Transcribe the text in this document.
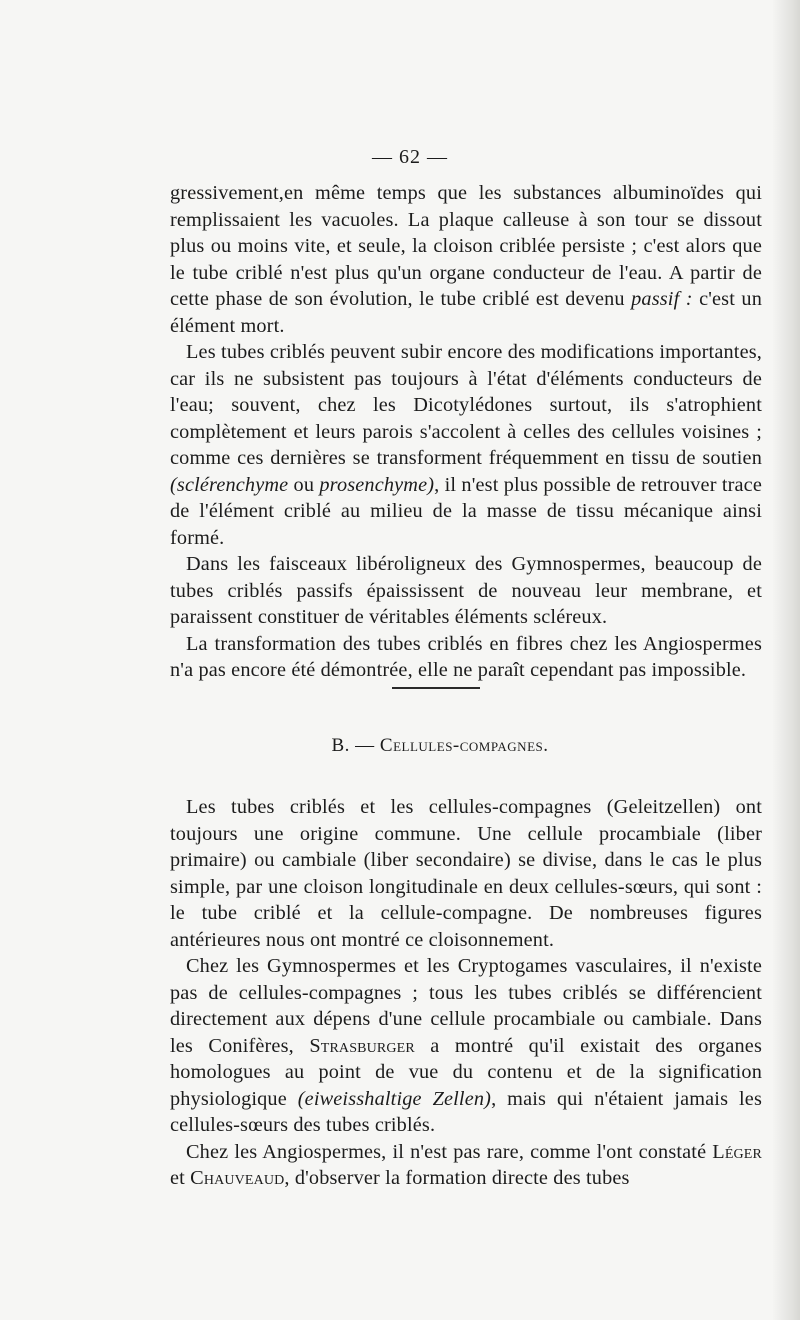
— 62 —

gressivement,en même temps que les substances albuminoïdes qui remplissaient les vacuoles. La plaque calleuse à son tour se dissout plus ou moins vite, et seule, la cloison criblée persiste ; c'est alors que le tube criblé n'est plus qu'un organe conducteur de l'eau. A partir de cette phase de son évolution, le tube criblé est devenu passif : c'est un élément mort.

Les tubes criblés peuvent subir encore des modifications importantes, car ils ne subsistent pas toujours à l'état d'éléments conducteurs de l'eau; souvent, chez les Dicotylédones surtout, ils s'atrophient complètement et leurs parois s'accolent à celles des cellules voisines ; comme ces dernières se transforment fréquemment en tissu de soutien (sclérenchyme ou prosenchyme), il n'est plus possible de retrouver trace de l'élément criblé au milieu de la masse de tissu mécanique ainsi formé.

Dans les faisceaux libéroligneux des Gymnospermes, beaucoup de tubes criblés passifs épaississent de nouveau leur membrane, et paraissent constituer de véritables éléments scléreux.

La transformation des tubes criblés en fibres chez les Angiospermes n'a pas encore été démontrée, elle ne paraît cependant pas impossible.

B. — Cellules-compagnes.

Les tubes criblés et les cellules-compagnes (Geleitzellen) ont toujours une origine commune. Une cellule procambiale (liber primaire) ou cambiale (liber secondaire) se divise, dans le cas le plus simple, par une cloison longitudinale en deux cellules-sœurs, qui sont : le tube criblé et la cellule-compagne. De nombreuses figures antérieures nous ont montré ce cloisonnement.

Chez les Gymnospermes et les Cryptogames vasculaires, il n'existe pas de cellules-compagnes ; tous les tubes criblés se différencient directement aux dépens d'une cellule procambiale ou cambiale. Dans les Conifères, Strasburger a montré qu'il existait des organes homologues au point de vue du contenu et de la signification physiologique (eiweisshaltige Zellen), mais qui n'étaient jamais les cellules-sœurs des tubes criblés.

Chez les Angiospermes, il n'est pas rare, comme l'ont constaté Léger et Chauveaud, d'observer la formation directe des tubes
